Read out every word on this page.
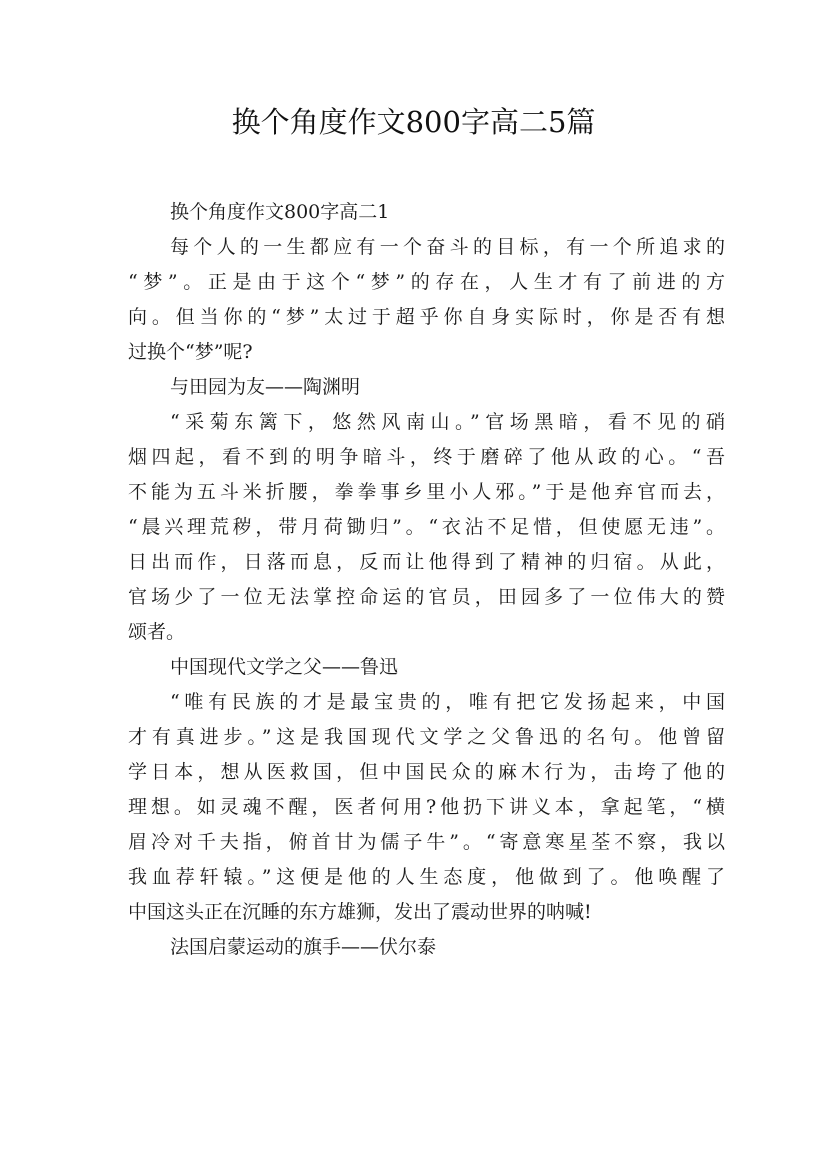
换个角度作文800字高二5篇
换个角度作文800字高二1
每个人的一生都应有一个奋斗的目标，有一个所追求的
“梦”。正是由于这个“梦”的存在，人生才有了前进的方
向。但当你的“梦”太过于超乎你自身实际时，你是否有想
过换个“梦”呢?
与田园为友——陶渊明
“采菊东篱下，悠然风南山。”官场黑暗，看不见的硝
烟四起，看不到的明争暗斗，终于磨碎了他从政的心。“吾
不能为五斗米折腰，拳拳事乡里小人邪。”于是他弃官而去，
“晨兴理荒秽，带月荷锄归”。“衣沾不足惜，但使愿无违”。
日出而作，日落而息，反而让他得到了精神的归宿。从此，
官场少了一位无法掌控命运的官员，田园多了一位伟大的赞
颂者。
中国现代文学之父——鲁迅
“唯有民族的才是最宝贵的，唯有把它发扬起来，中国
才有真进步。”这是我国现代文学之父鲁迅的名句。他曾留
学日本，想从医救国，但中国民众的麻木行为，击垮了他的
理想。如灵魂不醒，医者何用?他扔下讲义本，拿起笔，“横
眉冷对千夫指，俯首甘为儒子牛”。“寄意寒星荃不察，我以
我血荐轩辕。”这便是他的人生态度，他做到了。他唤醒了
中国这头正在沉睡的东方雄狮，发出了震动世界的呐喊!
法国启蒙运动的旗手——伏尔泰
